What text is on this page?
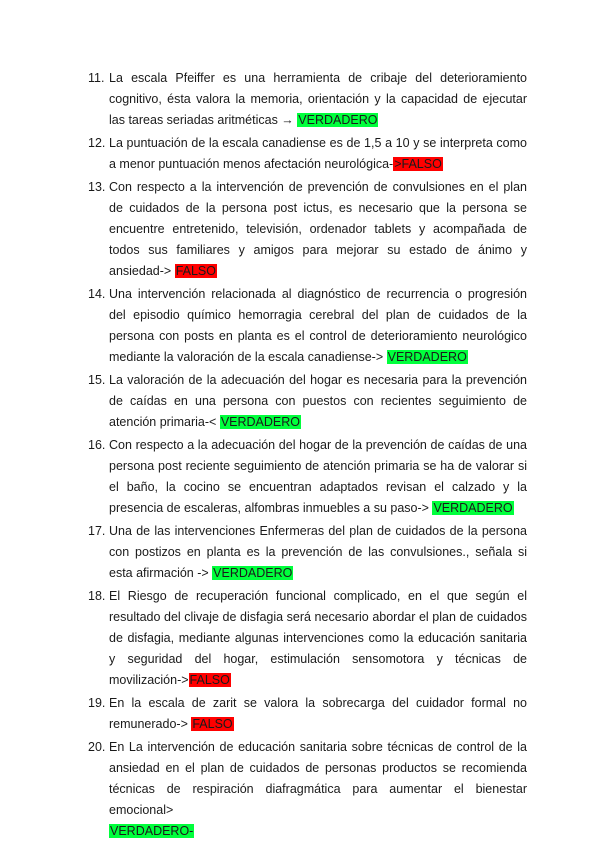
11. La escala Pfeiffer es una herramienta de cribaje del deterioramiento cognitivo, ésta valora la memoria, orientación y la capacidad de ejecutar las tareas seriadas aritméticas → VERDADERO
12. La puntuación de la escala canadiense es de 1,5 a 10 y se interpreta como a menor puntuación menos afectación neurológica->FALSO
13. Con respecto a la intervención de prevención de convulsiones en el plan de cuidados de la persona post ictus, es necesario que la persona se encuentre entretenido, televisión, ordenador tablets y acompañada de todos sus familiares y amigos para mejorar su estado de ánimo y ansiedad-> FALSO
14. Una intervención relacionada al diagnóstico de recurrencia o progresión del episodio químico hemorragia cerebral del plan de cuidados de la persona con posts en planta es el control de deterioramiento neurológico mediante la valoración de la escala canadiense-> VERDADERO
15. La valoración de la adecuación del hogar es necesaria para la prevención de caídas en una persona con puestos con recientes seguimiento de atención primaria-< VERDADERO
16. Con respecto a la adecuación del hogar de la prevención de caídas de una persona post reciente seguimiento de atención primaria se ha de valorar si el baño, la cocino se encuentran adaptados revisan el calzado y la presencia de escaleras, alfombras inmuebles a su paso-> VERDADERO
17. Una de las intervenciones Enfermeras del plan de cuidados de la persona con postizos en planta es la prevención de las convulsiones., señala si esta afirmación -> VERDADERO
18. El Riesgo de recuperación funcional complicado, en el que según el resultado del clivaje de disfagia será necesario abordar el plan de cuidados de disfagia, mediante algunas intervenciones como la educación sanitaria y seguridad del hogar, estimulación sensomotora y técnicas de movilización->FALSO
19. En la escala de zarit se valora la sobrecarga del cuidador formal no remunerado-> FALSO
20. En La intervención de educación sanitaria sobre técnicas de control de la ansiedad en el plan de cuidados de personas productos se recomienda técnicas de respiración diafragmática para aumentar el bienestar emocional>
VERDADERO-
